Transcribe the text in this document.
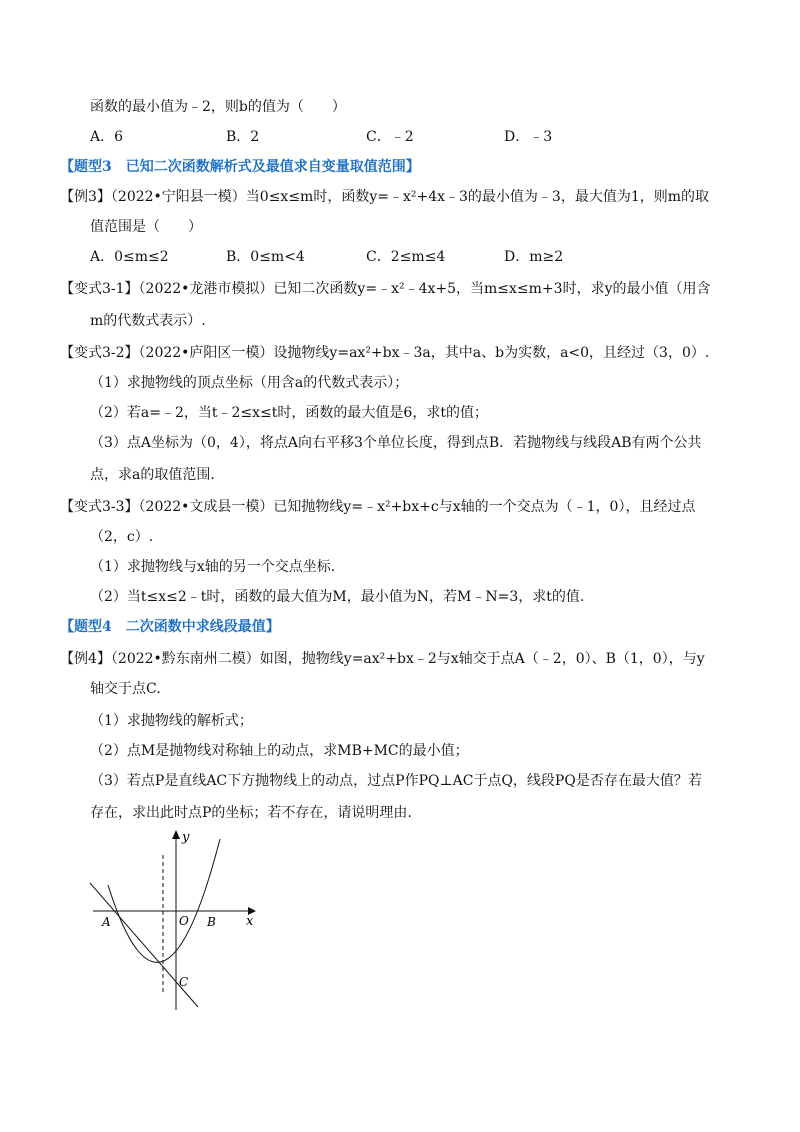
函数的最小值为﹣2，则b的值为（　　）
A．6	B．2	C．﹣2	D．﹣3
【题型3　已知二次函数解析式及最值求自变量取值范围】
【例3】（2022•宁阳县一模）当0≤x≤m时，函数y=﹣x²+4x﹣3的最小值为﹣3，最大值为1，则m的取
值范围是（　　）
A．0≤m≤2	B．0≤m<4	C．2≤m≤4	D．m≥2
【变式3-1】（2022•龙港市模拟）已知二次函数y=﹣x²﹣4x+5，当m≤x≤m+3时，求y的最小值（用含
m的代数式表示）.
【变式3-2】（2022•庐阳区一模）设抛物线y=ax²+bx﹣3a，其中a、b为实数，a<0，且经过（3，0）.
（1）求抛物线的顶点坐标（用含a的代数式表示）；
（2）若a=﹣2，当t﹣2≤x≤t时，函数的最大值是6，求t的值；
（3）点A坐标为（0，4），将点A向右平移3个单位长度，得到点B．若抛物线与线段AB有两个公共
点，求a的取值范围.
【变式3-3】（2022•文成县一模）已知抛物线y=﹣x²+bx+c与x轴的一个交点为（﹣1，0），且经过点
（2，c）.
（1）求抛物线与x轴的另一个交点坐标.
（2）当t≤x≤2﹣t时，函数的最大值为M，最小值为N，若M﹣N=3，求t的值.
【题型4　二次函数中求线段最值】
【例4】（2022•黔东南州二模）如图，抛物线y=ax²+bx﹣2与x轴交于点A（﹣2，0）、B（1，0），与y
轴交于点C.
（1）求抛物线的解析式；
（2）点M是抛物线对称轴上的动点，求MB+MC的最小值；
（3）若点P是直线AC下方抛物线上的动点，过点P作PQ⊥AC于点Q，线段PQ是否存在最大值？若
存在，求出此时点P的坐标；若不存在，请说明理由.
y
x
O
A	B
C
